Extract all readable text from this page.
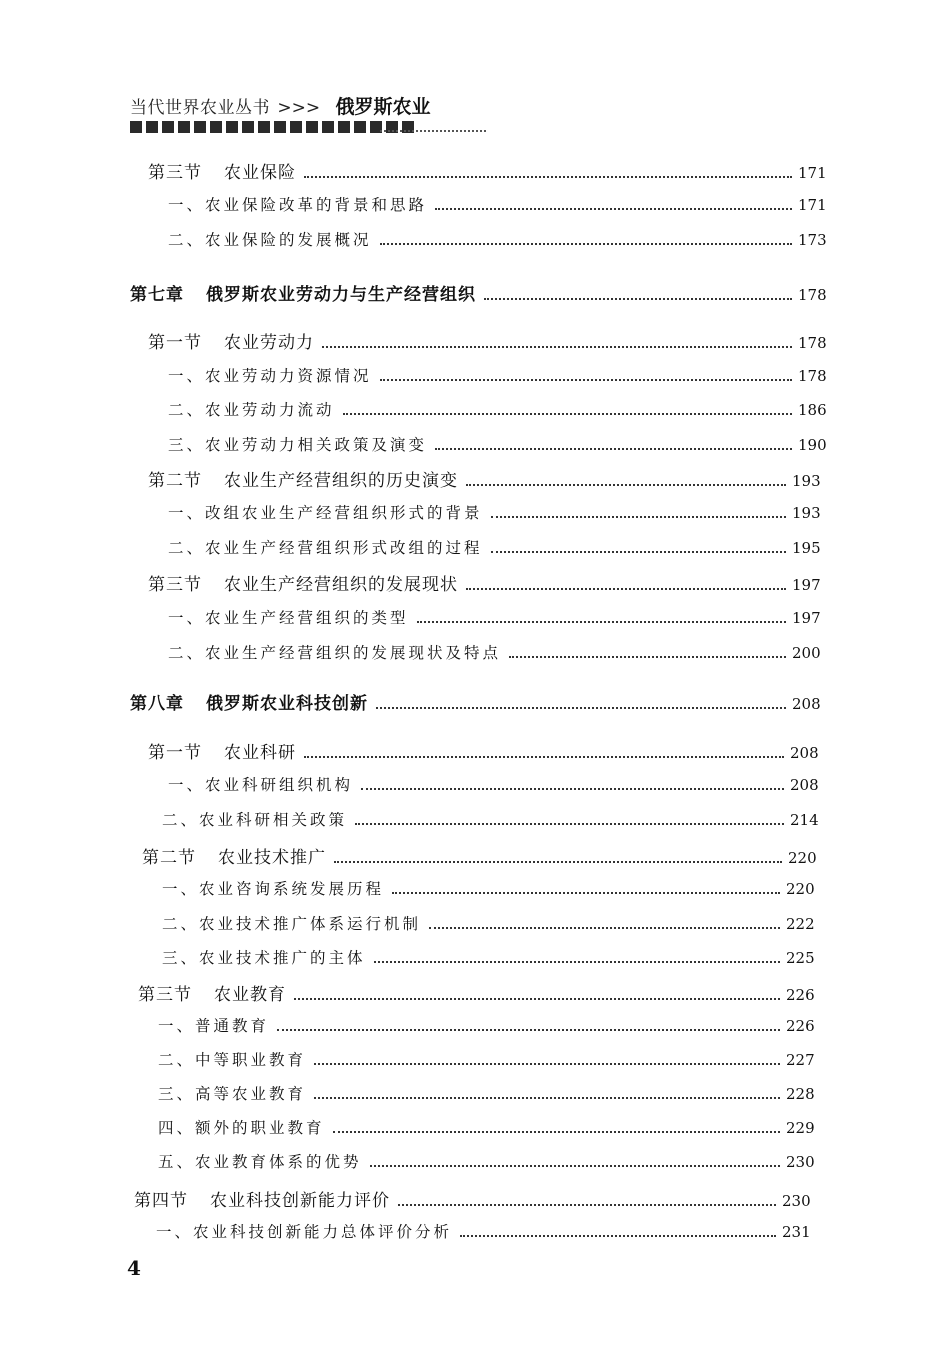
当代世界农业丛书 >>> 俄罗斯农业
第三节 农业保险	171
一、农业保险改革的背景和思路	171
二、农业保险的发展概况	173
第七章 俄罗斯农业劳动力与生产经营组织	178
第一节 农业劳动力	178
一、农业劳动力资源情况	178
二、农业劳动力流动	186
三、农业劳动力相关政策及演变	190
第二节 农业生产经营组织的历史演变	193
一、改组农业生产经营组织形式的背景	193
二、农业生产经营组织形式改组的过程	195
第三节 农业生产经营组织的发展现状	197
一、农业生产经营组织的类型	197
二、农业生产经营组织的发展现状及特点	200
第八章 俄罗斯农业科技创新	208
第一节 农业科研	208
一、农业科研组织机构	208
二、农业科研相关政策	214
第二节 农业技术推广	220
一、农业咨询系统发展历程	220
二、农业技术推广体系运行机制	222
三、农业技术推广的主体	225
第三节 农业教育	226
一、普通教育	226
二、中等职业教育	227
三、高等农业教育	228
四、额外的职业教育	229
五、农业教育体系的优势	230
第四节 农业科技创新能力评价	230
一、农业科技创新能力总体评价分析	231
4
